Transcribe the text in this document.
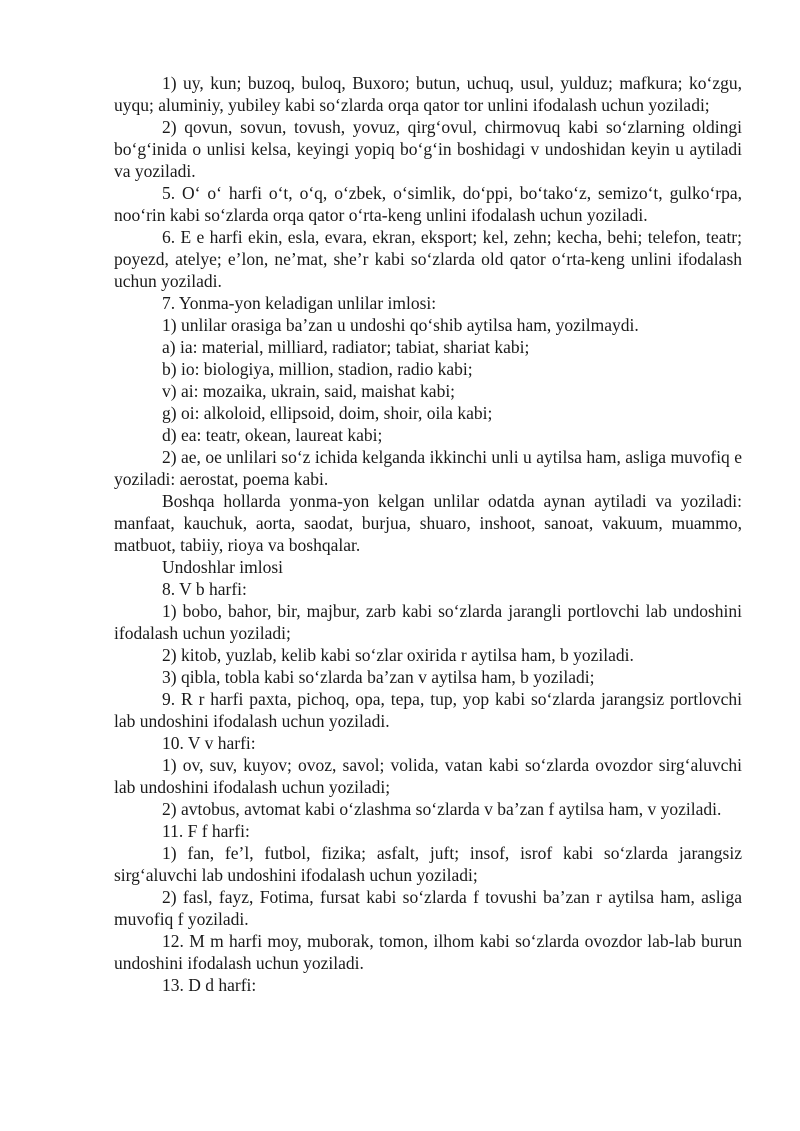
1) uy, kun; buzoq, buloq, Buxoro; butun, uchuq, usul, yulduz; mafkura; ko‘zgu, uyqu; aluminiy, yubiley kabi so‘zlarda orqa qator tor unlini ifodalash uchun yoziladi;

2) qovun, sovun, tovush, yovuz, qirg‘ovul, chirmovuq kabi so‘zlarning oldingi bo‘g‘inida o unlisi kelsa, keyingi yopiq bo‘g‘in boshidagi v undoshidan keyin u aytiladi va yoziladi.

5. O‘ o‘ harfi o‘t, o‘q, o‘zbek, o‘simlik, do‘ppi, bo‘tako‘z, semizo‘t, gulko‘rpa, noo‘rin kabi so‘zlarda orqa qator o‘rta-keng unlini ifodalash uchun yoziladi.

6. E e harfi ekin, esla, evara, ekran, eksport; kel, zehn; kecha, behi; telefon, teatr; poyezd, atelye; e’lon, ne’mat, she’r kabi so‘zlarda old qator o‘rta-keng unlini ifodalash uchun yoziladi.

7. Yonma-yon keladigan unlilar imlosi:

1) unlilar orasiga ba’zan u undoshi qo‘shib aytilsa ham, yozilmaydi.

a) ia: material, milliard, radiator; tabiat, shariat kabi;

b) io: biologiya, million, stadion, radio kabi;

v) ai: mozaika, ukrain, said, maishat kabi;

g) oi: alkoloid, ellipsoid, doim, shoir, oila kabi;

d) ea: teatr, okean, laureat kabi;

2) ae, oe unlilari so‘z ichida kelganda ikkinchi unli u aytilsa ham, asliga muvofiq e yoziladi: aerostat, poema kabi.

Boshqa hollarda yonma-yon kelgan unlilar odatda aynan aytiladi va yoziladi: manfaat, kauchuk, aorta, saodat, burjua, shuaro, inshoot, sanoat, vakuum, muammo, matbuot, tabiiy, rioya va boshqalar.

Undoshlar imlosi

8. V b harfi:

1) bobo, bahor, bir, majbur, zarb kabi so‘zlarda jarangli portlovchi lab undoshini ifodalash uchun yoziladi;

2) kitob, yuzlab, kelib kabi so‘zlar oxirida r aytilsa ham, b yoziladi.

3) qibla, tobla kabi so‘zlarda ba’zan v aytilsa ham, b yoziladi;

9. R r harfi paxta, pichoq, opa, tepa, tup, yop kabi so‘zlarda jarangsiz portlovchi lab undoshini ifodalash uchun yoziladi.

10. V v harfi:

1) ov, suv, kuyov; ovoz, savol; volida, vatan kabi so‘zlarda ovozdor sirg‘aluvchi lab undoshini ifodalash uchun yoziladi;

2) avtobus, avtomat kabi o‘zlashma so‘zlarda v ba’zan f aytilsa ham, v yoziladi.

11. F f harfi:

1) fan, fe’l, futbol, fizika; asfalt, juft; insof, isrof kabi so‘zlarda jarangsiz sirg‘aluvchi lab undoshini ifodalash uchun yoziladi;

2) fasl, fayz, Fotima, fursat kabi so‘zlarda f tovushi ba’zan r aytilsa ham, asliga muvofiq f yoziladi.

12. M m harfi moy, muborak, tomon, ilhom kabi so‘zlarda ovozdor lab-lab burun undoshini ifodalash uchun yoziladi.

13. D d harfi:
